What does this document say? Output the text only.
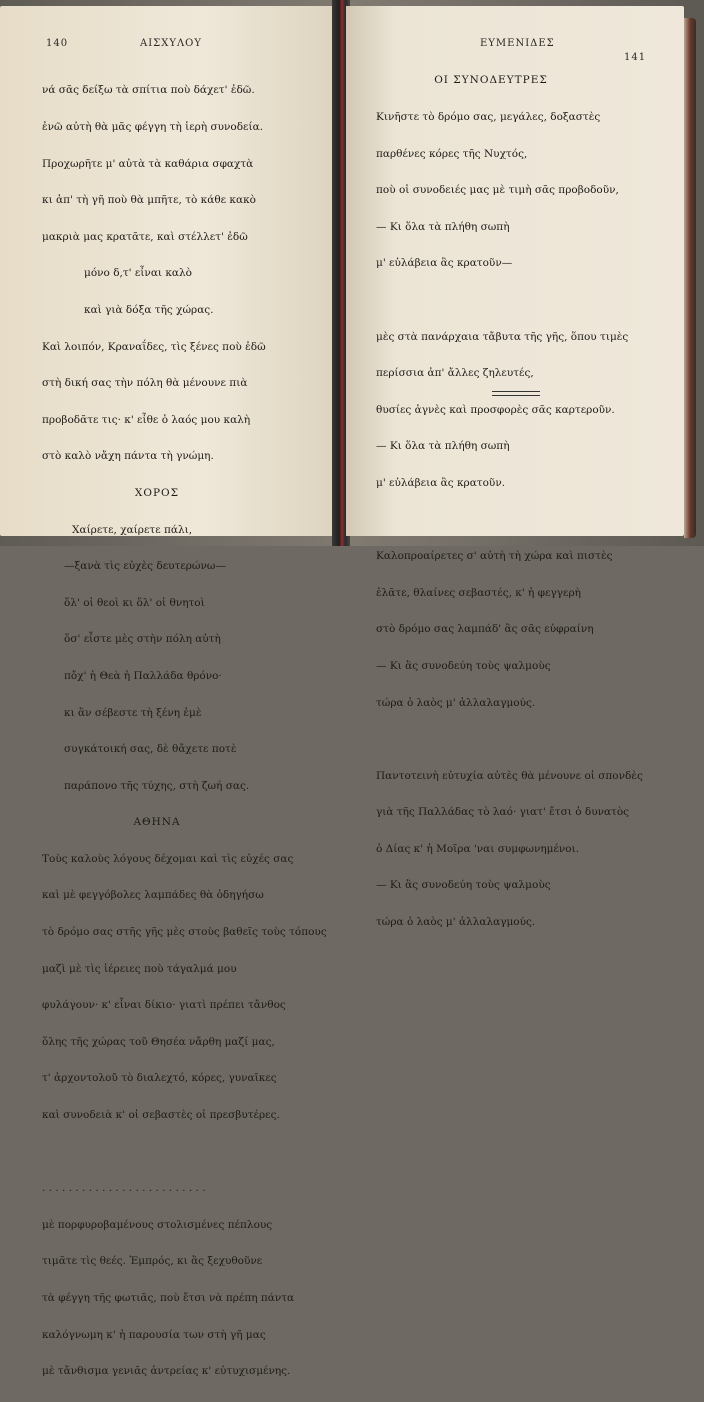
140	ΑΙΣΧΥΛΟΥ

νά σᾶς δείξω τὰ σπίτια ποὺ δάχετ' ἐδῶ.

ἐνῶ αὐτὴ θὰ μᾶς φέγγη τὴ ἱερὴ συνοδεία.

Προχωρῆτε μ' αὐτὰ τὰ καθάρια σφαχτὰ

κι ἀπ' τὴ γῆ ποὺ θὰ μπῆτε, τὸ κάθε κακὸ

μακριὰ μας κρατᾶτε, καὶ στέλλετ' ἐδῶ

μόνο δ,τ' εἶναι καλὸ

καὶ γιὰ δόξα τῆς χώρας.

Καὶ λοιπόν, Κραναΐδες, τὶς ξένες ποὺ ἐδῶ

στὴ δική σας τὴν πόλη θὰ μένουνε πιὰ

προβοδᾶτε τις· κ' εἶθε ὁ λαός μου καλὴ

στὸ καλὸ νἄχη πάντα τὴ γνώμη.

ΧΟΡΟΣ

Χαίρετε, χαίρετε πάλι,

—ξανὰ τὶς εὐχὲς δευτερώνω—

ὅλ' οἱ θεοὶ κι ὅλ' οἱ θνητοὶ

ὅσ' εἶστε μὲς στὴν πόλη αὐτὴ

πὄχ' ἡ Θεὰ ἡ Παλλάδα θρόνο·

κι ἂν σέβεστε τὴ ξένη ἐμὲ

συγκάτοική σας, δὲ θἄχετε ποτὲ

παράπονο τῆς τύχης, στὴ ζωή σας.

ΑΘΗΝΑ

Τοὺς καλοὺς λόγους δέχομαι καὶ τὶς εὐχές σας

καὶ μὲ φεγγόβολες λαμπάδες θὰ ὁδηγήσω

τὸ δρόμο σας στῆς γῆς μὲς στοὺς βαθεῖς τοὺς τόπους

μαζὶ μὲ τὶς ἱέρειες ποὺ τάγαλμά μου

φυλάγουν· κ' εἶναι δίκιο· γιατὶ πρέπει τἄνθος

ὅλης τῆς χώρας τοῦ Θησέα νἄρθη μαζί μας,

τ' ἀρχοντολοῦ τὸ διαλεχτό, κόρες, γυναῖκες

καὶ συνοδειὰ κ' οἱ σεβαστὲς οἱ πρεσβυτέρες.

. . . . . . . . . . . . . . . . . . . . . . . . .

μὲ πορφυροβαμένους στολισμένες πέπλους

τιμᾶτε τὶς θεές. Ἐμπρός, κι ἂς ξεχυθοῦνε

τὰ φέγγη τῆς φωτιᾶς, ποὺ ἔτσι νὰ πρέπη πάντα

καλόγνωμη κ' ἡ παρουσία των στὴ γῆ μας

μὲ τἄνθισμα γενιᾶς ἀντρείας κ' εὐτυχισμένης.

ΕΥΜΕΝΙΔΕΣ
141

ΟΙ ΣΥΝΟΔΕΥΤΡΕΣ

Κινῆστε τὸ δρόμο σας, μεγάλες, δοξαστὲς

παρθένες κόρες τῆς Νυχτός,

ποὺ οἱ συνοδειές μας μὲ τιμὴ σᾶς προβοδοῦν,

— Κι ὅλα τὰ πλήθη σωπὴ

μ' εὐλάβεια ἂς κρατοῦν—

μὲς στὰ πανάρχαια τἄβυτα τῆς γῆς, ὅπου τιμὲς

περίσσια ἀπ' ἄλλες ζηλευτές,

θυσίες ἁγνὲς καὶ προσφορὲς σᾶς καρτεροῦν.

— Κι ὅλα τὰ πλήθη σωπὴ

μ' εὐλάβεια ἂς κρατοῦν.

Καλοπροαίρετες σ' αὐτὴ τὴ χώρα καὶ πιστὲς

ἐλᾶτε, θλαίνες σεβαστές, κ' ἡ φεγγερὴ

στὸ δρόμο σας λαμπάδ' ἂς σᾶς εὐφραίνη

— Κι ἂς συνοδεύη τοὺς ψαλμοὺς

τώρα ὁ λαὸς μ' ἀλλαλαγμούς.

Παντοτεινὴ εὐτυχία αὐτὲς θὰ μένουνε οἱ σπονδὲς

γιὰ τῆς Παλλάδας τὸ λαό· γιατ' ἔτσι ὁ δυνατὸς

ὁ Δίας κ' ἡ Μοῖρα 'ναι συμφωνημένοι.

— Κι ἂς συνοδεύη τοὺς ψαλμοὺς

τώρα ὁ λαὸς μ' ἀλλαλαγμούς.
